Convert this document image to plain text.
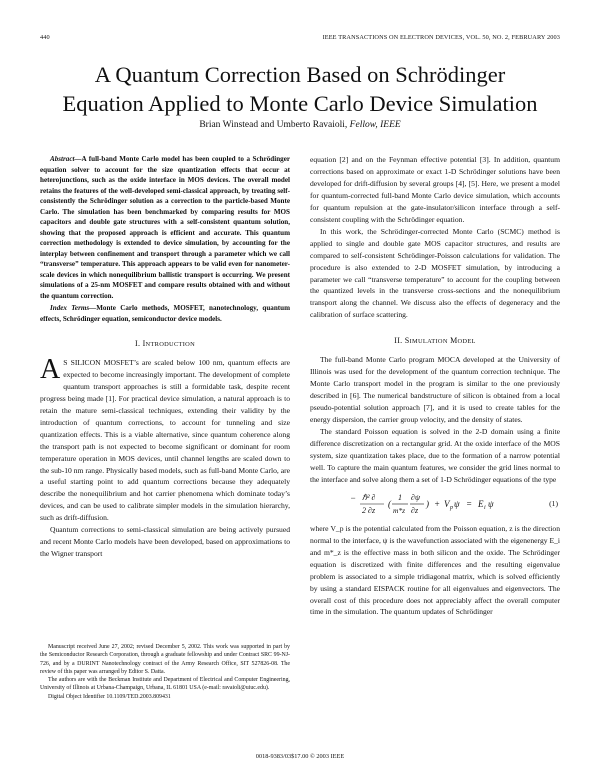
440	IEEE TRANSACTIONS ON ELECTRON DEVICES, VOL. 50, NO. 2, FEBRUARY 2003
A Quantum Correction Based on Schrödinger
Equation Applied to Monte Carlo Device Simulation
Brian Winstead and Umberto Ravaioli, Fellow, IEEE

Abstract—A full-band Monte Carlo model has been coupled to a Schrödinger equation solver to account for the size quantization effects that occur at heterojunctions, such as the oxide interface in MOS devices. The overall model retains the features of the well-developed semi-classical approach, by treating self-consistently the Schrödinger solution as a correction to the particle-based Monte Carlo. The simulation has been benchmarked by comparing results for MOS capacitors and double gate structures with a self-consistent quantum solution, showing that the proposed approach is efficient and accurate. This quantum correction methodology is extended to device simulation, by accounting for the interplay between confinement and transport through a parameter which we call “transverse” temperature. This approach appears to be valid even for nanometer-scale devices in which nonequilibrium ballistic transport is occurring. We present simulations of a 25-nm MOSFET and compare results obtained with and without the quantum correction.

Index Terms—Monte Carlo methods, MOSFET, nanotechnology, quantum effects, Schrödinger equation, semiconductor device models.

I. INTRODUCTION

A S SILICON MOSFET’s are scaled below 100 nm, quantum effects are expected to become increasingly important. The development of complete quantum transport approaches is still a formidable task, despite recent progress being made [1]. For practical device simulation, a natural approach is to retain the mature semi-classical techniques, extending their validity by the introduction of quantum corrections, to account for tunneling and size quantization effects. This is a viable alternative, since quantum coherence along the transport path is not expected to become significant or dominant for room temperature operation in MOS devices, until channel lengths are scaled down to the sub-10 nm range. Physically based models, such as full-band Monte Carlo, are a useful starting point to add quantum corrections because they adequately describe the nonequilibrium and hot carrier phenomena which dominate today’s devices, and can be used to calibrate simpler models in the simulation hierarchy, such as drift-diffusion.

Quantum corrections to semi-classical simulation are being actively pursued and recent Monte Carlo models have been developed, based on approximations to the Wigner transport

equation [2] and on the Feynman effective potential [3]. In addition, quantum corrections based on approximate or exact 1-D Schrödinger solutions have been developed for drift-diffusion by several groups [4], [5]. Here, we present a model for quantum-corrected full-band Monte Carlo device simulation, which accounts for quantum repulsion at the gate-insulator/silicon interface through a self-consistent coupling with the Schrödinger equation.

In this work, the Schrödinger-corrected Monte Carlo (SCMC) method is applied to single and double gate MOS capacitor structures, and results are compared to self-consistent Schrödinger-Poisson calculations for validation. The procedure is also extended to 2-D MOSFET simulation, by introducing a parameter we call “transverse temperature” to account for the coupling between the quantized levels in the transverse cross-sections and the nonequilibrium transport along the channel. We discuss also the effects of degeneracy and the calibration of surface scattering.

II. SIMULATION MODEL

The full-band Monte Carlo program MOCA developed at the University of Illinois was used for the development of the quantum correction technique. The Monte Carlo transport model in the program is similar to the one previously described in [6]. The numerical bandstructure of silicon is obtained from a local pseudo-potential solution approach [7], and it is used to create tables for the energy dispersion, the carrier group velocity, and the density of states.

The standard Poisson equation is solved in the 2-D domain using a finite difference discretization on a rectangular grid. At the oxide interface of the MOS system, size quantization takes place, due to the formation of a narrow potential well. To capture the main quantum features, we consider the grid lines normal to the interface and solve along them a set of 1-D Schrödinger equations of the type

− ℏ² ∂
2 ∂z
(
1
m*z
∂ψ
∂z
) + V p ψ = E i ψ	(1)

where V_p is the potential calculated from the Poisson equation, z is the direction normal to the interface, ψ is the wavefunction associated with the eigenenergy E_i and m*_z is the effective mass in both silicon and the oxide. The Schrödinger equation is discretized with finite differences and the resulting eigenvalue problem is associated to a simple tridiagonal matrix, which is solved efficiently by using a standard EISPACK routine for all eigenvalues and eigenvectors. The overall cost of this procedure does not appreciably affect the overall computer time in the simulation. The quantum updates of Schrödinger

Manuscript received June 27, 2002; revised December 5, 2002. This work was supported in part by the Semiconductor Research Corporation, through a graduate fellowship and under Contract SRC 99-NJ-726, and by a DURINT Nanotechnology contract of the Army Research Office, SIT 527826-08. The review of this paper was arranged by Editor S. Datta.

The authors are with the Beckman Institute and Department of Electrical and Computer Engineering, University of Illinois at Urbana-Champaign, Urbana, IL 61801 USA (e-mail: ravaioli@uiuc.edu).

Digital Object Identifier 10.1109/TED.2003.809431

0018-9383/03$17.00 © 2003 IEEE
